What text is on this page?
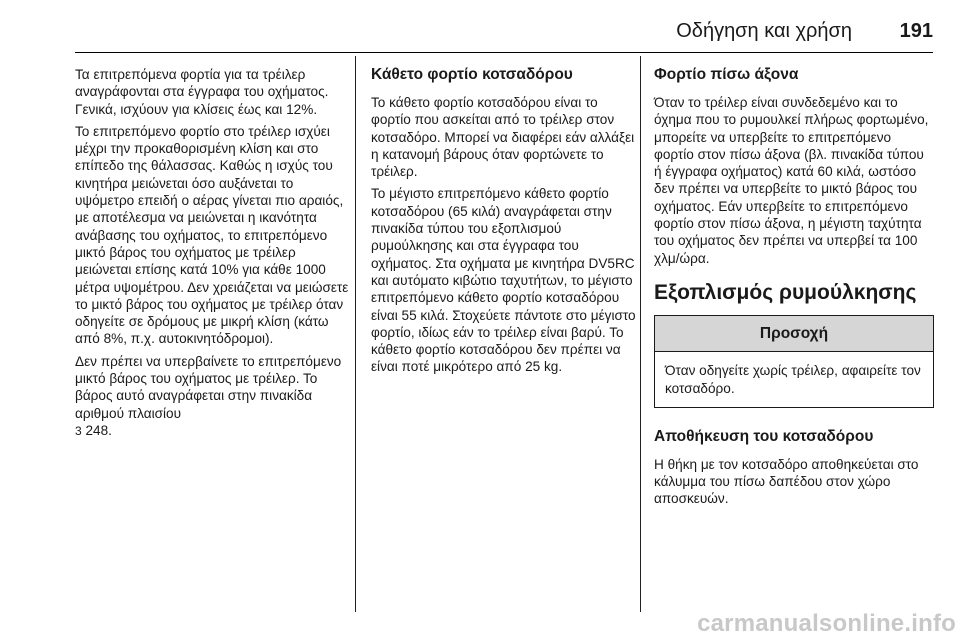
Οδήγηση και χρήση 191

Τα επιτρεπόμενα φορτία για τα τρέιλερ αναγράφονται στα έγγραφα του οχήματος. Γενικά, ισχύουν για κλίσεις έως και 12%.

Το επιτρεπόμενο φορτίο στο τρέιλερ ισχύει μέχρι την προκαθορισμένη κλίση και στο επίπεδο της θάλασσας. Καθώς η ισχύς του κινητήρα μειώνεται όσο αυξάνεται το υψόμετρο επειδή ο αέρας γίνεται πιο αραιός, με αποτέλεσμα να μειώνεται η ικανότητα ανάβασης του οχήματος, το επιτρεπόμενο μικτό βάρος του οχήματος με τρέιλερ μειώνεται επίσης κατά 10% για κάθε 1000 μέτρα υψομέτρου. Δεν χρειάζεται να μειώσετε το μικτό βάρος του οχήματος με τρέιλερ όταν οδηγείτε σε δρόμους με μικρή κλίση (κάτω από 8%, π.χ. αυτοκινητόδρομοι).

Δεν πρέπει να υπερβαίνετε το επιτρεπόμενο μικτό βάρος του οχήματος με τρέιλερ. Το βάρος αυτό αναγράφεται στην πινακίδα αριθμού πλαισίου
3 248.

Κάθετο φορτίο κοτσαδόρου

Το κάθετο φορτίο κοτσαδόρου είναι το φορτίο που ασκείται από το τρέιλερ στον κοτσαδόρο. Μπορεί να διαφέρει εάν αλλάξει η κατανομή βάρους όταν φορτώνετε το τρέιλερ.

Το μέγιστο επιτρεπόμενο κάθετο φορτίο κοτσαδόρου (65 κιλά) αναγράφεται στην πινακίδα τύπου του εξοπλισμού ρυμούλκησης και στα έγγραφα του οχήματος. Στα οχήματα με κινητήρα DV5RC και αυτόματο κιβώτιο ταχυτήτων, το μέγιστο επιτρεπόμενο κάθετο φορτίο κοτσαδόρου είναι 55 κιλά. Στοχεύετε πάντοτε στο μέγιστο φορτίο, ιδίως εάν το τρέιλερ είναι βαρύ. Το κάθετο φορτίο κοτσαδόρου δεν πρέπει να είναι ποτέ μικρότερο από 25 kg.

Φορτίο πίσω άξονα

Όταν το τρέιλερ είναι συνδεδεμένο και το όχημα που το ρυμουλκεί πλήρως φορτωμένο, μπορείτε να υπερβείτε το επιτρεπόμενο φορτίο στον πίσω άξονα (βλ. πινακίδα τύπου ή έγγραφα οχήματος) κατά 60 κιλά, ωστόσο δεν πρέπει να υπερβείτε το μικτό βάρος του οχήματος. Εάν υπερβείτε το επιτρεπόμενο φορτίο στον πίσω άξονα, η μέγιστη ταχύτητα του οχήματος δεν πρέπει να υπερβεί τα 100 χλμ/ώρα.

Εξοπλισμός ρυμούλκησης
Προσοχή
Όταν οδηγείτε χωρίς τρέιλερ, αφαιρείτε τον κοτσαδόρο.
Αποθήκευση του κοτσαδόρου

Η θήκη με τον κοτσαδόρο αποθηκεύεται στο κάλυμμα του πίσω δαπέδου στον χώρο αποσκευών.

carmanualsonline.info
